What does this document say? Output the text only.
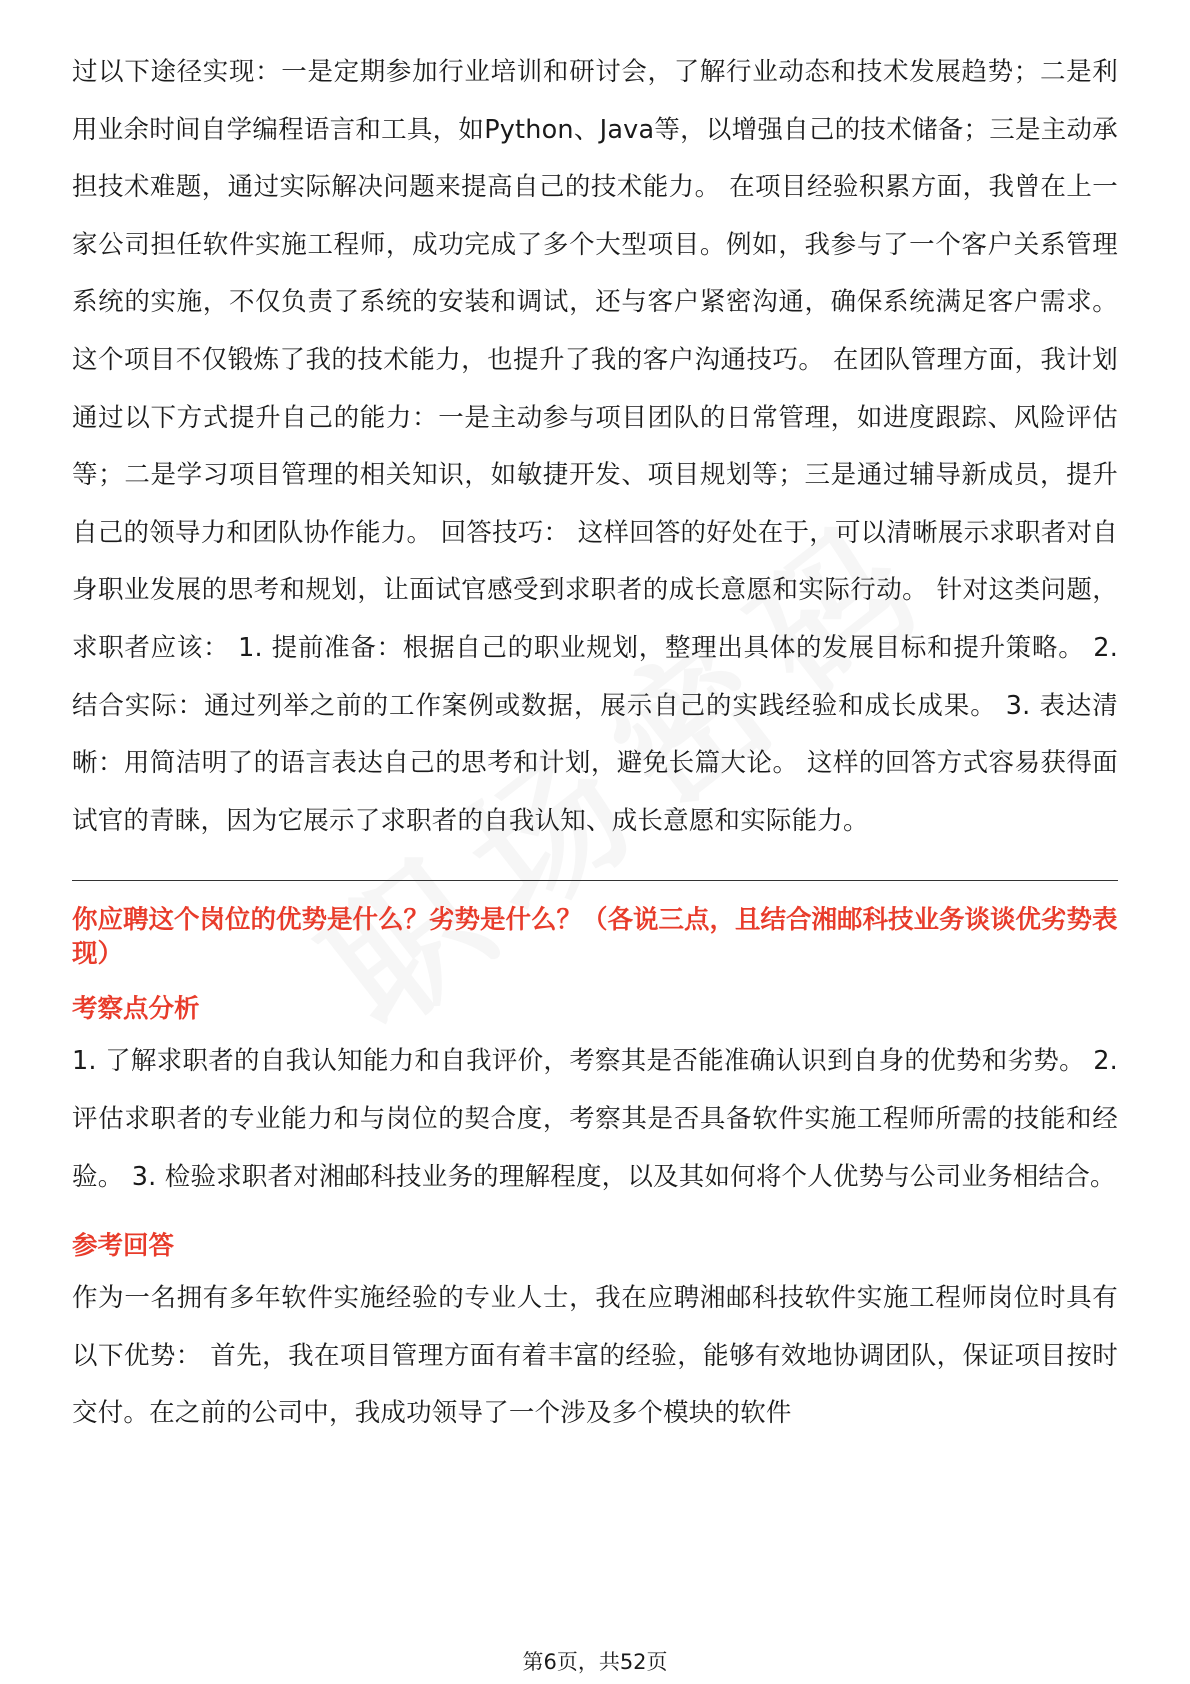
过以下途径实现：一是定期参加行业培训和研讨会，了解行业动态和技术发展趋势；二是利用业余时间自学编程语言和工具，如Python、Java等，以增强自己的技术储备；三是主动承担技术难题，通过实际解决问题来提高自己的技术能力。 在项目经验积累方面，我曾在上一家公司担任软件实施工程师，成功完成了多个大型项目。例如，我参与了一个客户关系管理系统的实施，不仅负责了系统的安装和调试，还与客户紧密沟通，确保系统满足客户需求。这个项目不仅锻炼了我的技术能力，也提升了我的客户沟通技巧。 在团队管理方面，我计划通过以下方式提升自己的能力：一是主动参与项目团队的日常管理，如进度跟踪、风险评估等；二是学习项目管理的相关知识，如敏捷开发、项目规划等；三是通过辅导新成员，提升自己的领导力和团队协作能力。 回答技巧： 这样回答的好处在于，可以清晰展示求职者对自身职业发展的思考和规划，让面试官感受到求职者的成长意愿和实际行动。 针对这类问题，求职者应该： 1. 提前准备：根据自己的职业规划，整理出具体的发展目标和提升策略。 2. 结合实际：通过列举之前的工作案例或数据，展示自己的实践经验和成长成果。 3. 表达清晰：用简洁明了的语言表达自己的思考和计划，避免长篇大论。 这样的回答方式容易获得面试官的青睐，因为它展示了求职者的自我认知、成长意愿和实际能力。

你应聘这个岗位的优势是什么？劣势是什么？（各说三点，且结合湘邮科技业务谈谈优劣势表现）
考察点分析

1. 了解求职者的自我认知能力和自我评价，考察其是否能准确认识到自身的优势和劣势。 2. 评估求职者的专业能力和与岗位的契合度，考察其是否具备软件实施工程师所需的技能和经验。 3. 检验求职者对湘邮科技业务的理解程度，以及其如何将个人优势与公司业务相结合。

参考回答

作为一名拥有多年软件实施经验的专业人士，我在应聘湘邮科技软件实施工程师岗位时具有以下优势： 首先，我在项目管理方面有着丰富的经验，能够有效地协调团队，保证项目按时交付。在之前的公司中，我成功领导了一个涉及多个模块的软件

第6页，共52页
